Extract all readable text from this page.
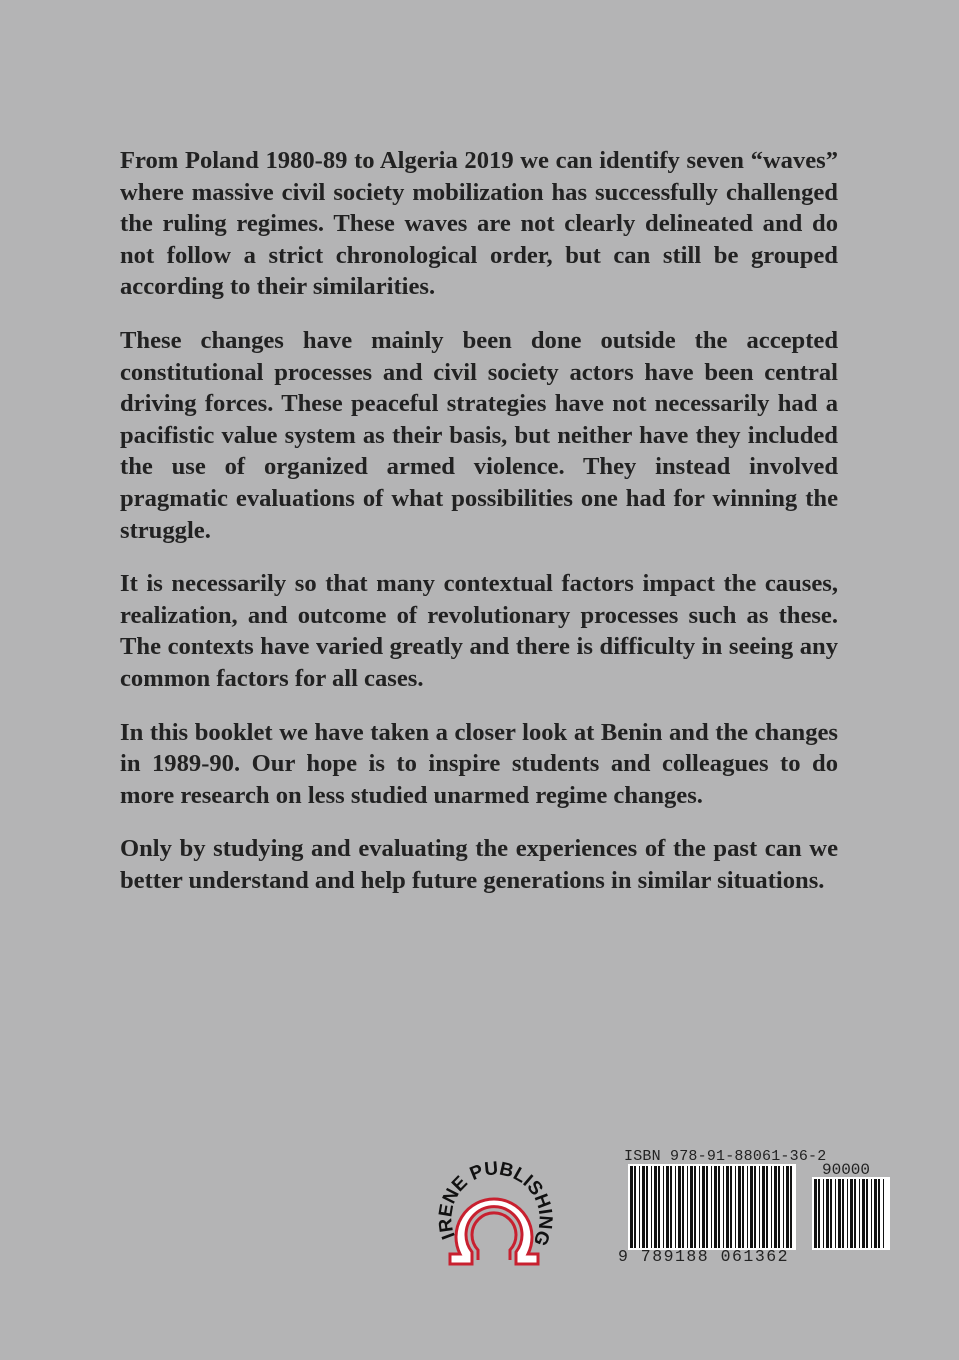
From Poland 1980-89 to Algeria 2019 we can identify seven “waves” where massive civil society mobilization has successfully challenged the ruling regimes. These waves are not clearly delineated and do not follow a strict chronological order, but can still be grouped according to their similarities.

These changes have mainly been done outside the accepted constitutional processes and civil society actors have been central driving forces. These peaceful strategies have not necessarily had a pacifistic value system as their basis, but neither have they included the use of organized armed violence. They instead involved pragmatic evaluations of what possibilities one had for winning the struggle.

It is necessarily so that many contextual factors impact the causes, realization, and outcome of revolutionary processes such as these. The contexts have varied greatly and there is difficulty in seeing any common factors for all cases.

In this booklet we have taken a closer look at Benin and the changes in 1989-90. Our hope is to inspire students and colleagues to do more research on less studied unarmed regime changes.

Only by studying and evaluating the experiences of the past can we better understand and help future generations in similar situations.

IRENE PUBLISHING
ISBN 978-91-88061-36-2
90000
9 789188 061362
